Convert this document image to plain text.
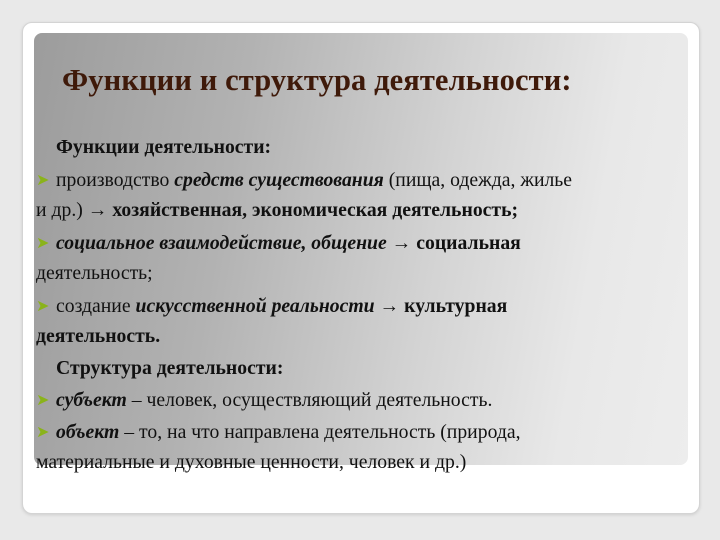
Функции и структура деятельности:
Функции деятельности:
➤ производство средств существования (пища, одежда, жилье
и др.) → хозяйственная, экономическая деятельность;
➤ социальное взаимодействие, общение → социальная
деятельность;
➤ создание искусственной реальности → культурная
деятельность.
Структура деятельности:
➤ субъект – человек, осуществляющий деятельность.
➤ объект – то, на что направлена деятельность (природа,
материальные и духовные ценности, человек и др.)
